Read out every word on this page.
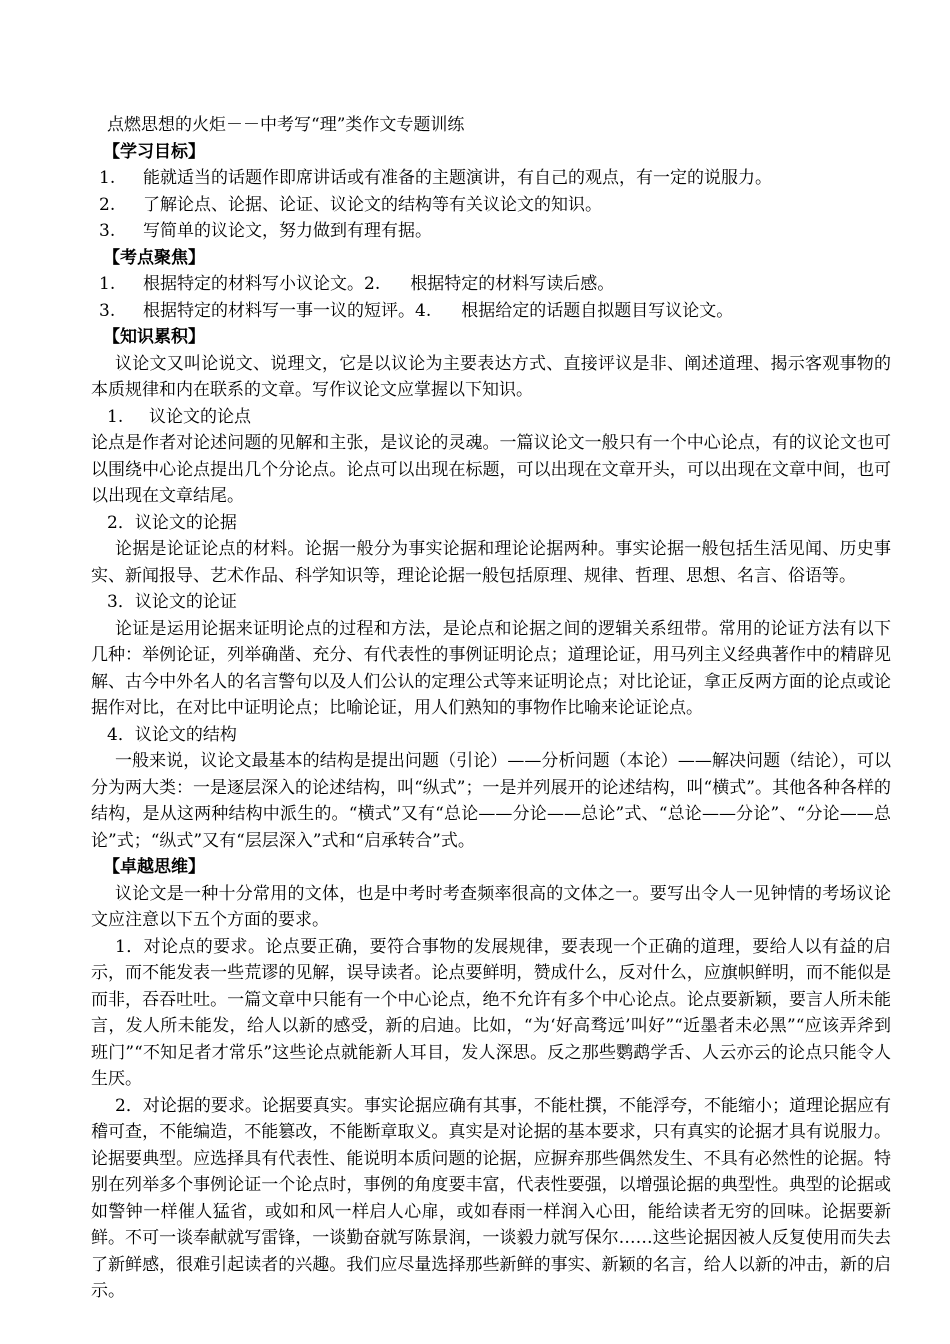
点燃思想的火炬－－中考写“理”类作文专题训练
【学习目标】
1. 能就适当的话题作即席讲话或有准备的主题演讲，有自己的观点，有一定的说服力。
2. 了解论点、论据、论证、议论文的结构等有关议论文的知识。
3. 写简单的议论文，努力做到有理有据。
【考点聚焦】
1. 根据特定的材料写小议论文。2. 根据特定的材料写读后感。
3. 根据特定的材料写一事一议的短评。4. 根据给定的话题自拟题目写议论文。
【知识累积】

议论文又叫论说文、说理文，它是以议论为主要表达方式、直接评议是非、阐述道理、揭示客观事物的本质规律和内在联系的文章。写作议论文应掌握以下知识。

1. 议论文的论点

论点是作者对论述问题的见解和主张，是议论的灵魂。一篇议论文一般只有一个中心论点，有的议论文也可以围绕中心论点提出几个分论点。论点可以出现在标题，可以出现在文章开头，可以出现在文章中间，也可以出现在文章结尾。

2．议论文的论据

论据是论证论点的材料。论据一般分为事实论据和理论论据两种。事实论据一般包括生活见闻、历史事实、新闻报导、艺术作品、科学知识等，理论论据一般包括原理、规律、哲理、思想、名言、俗语等。

3．议论文的论证

论证是运用论据来证明论点的过程和方法，是论点和论据之间的逻辑关系纽带。常用的论证方法有以下几种：举例论证，列举确凿、充分、有代表性的事例证明论点；道理论证，用马列主义经典著作中的精辟见解、古今中外名人的名言警句以及人们公认的定理公式等来证明论点；对比论证，拿正反两方面的论点或论据作对比，在对比中证明论点；比喻论证，用人们熟知的事物作比喻来论证论点。

4．议论文的结构

一般来说，议论文最基本的结构是提出问题（引论）——分析问题（本论）——解决问题（结论），可以分为两大类：一是逐层深入的论述结构，叫“纵式”；一是并列展开的论述结构，叫“横式”。其他各种各样的结构，是从这两种结构中派生的。“横式”又有“总论——分论——总论”式、“总论——分论”、“分论——总论”式；“纵式”又有“层层深入”式和“启承转合”式。

【卓越思维】

议论文是一种十分常用的文体，也是中考时考查频率很高的文体之一。要写出令人一见钟情的考场议论文应注意以下五个方面的要求。

1．对论点的要求。论点要正确，要符合事物的发展规律，要表现一个正确的道理，要给人以有益的启示，而不能发表一些荒谬的见解，误导读者。论点要鲜明，赞成什么，反对什么，应旗帜鲜明，而不能似是而非，吞吞吐吐。一篇文章中只能有一个中心论点，绝不允许有多个中心论点。论点要新颖，要言人所未能言，发人所未能发，给人以新的感受，新的启迪。比如，“为‘好高骛远’叫好”“近墨者未必黑”“应该弄斧到班门”“不知足者才常乐”这些论点就能新人耳目，发人深思。反之那些鹦鹉学舌、人云亦云的论点只能令人生厌。

2．对论据的要求。论据要真实。事实论据应确有其事，不能杜撰，不能浮夸，不能缩小；道理论据应有稽可查，不能编造，不能篡改，不能断章取义。真实是对论据的基本要求，只有真实的论据才具有说服力。论据要典型。应选择具有代表性、能说明本质问题的论据，应摒弃那些偶然发生、不具有必然性的论据。特别在列举多个事例论证一个论点时，事例的角度要丰富，代表性要强，以增强论据的典型性。典型的论据或如警钟一样催人猛省，或如和风一样启人心扉，或如春雨一样润入心田，能给读者无穷的回味。论据要新鲜。不可一谈奉献就写雷锋，一谈勤奋就写陈景润，一谈毅力就写保尔……这些论据因被人反复使用而失去了新鲜感，很难引起读者的兴趣。我们应尽量选择那些新鲜的事实、新颖的名言，给人以新的冲击，新的启示。
